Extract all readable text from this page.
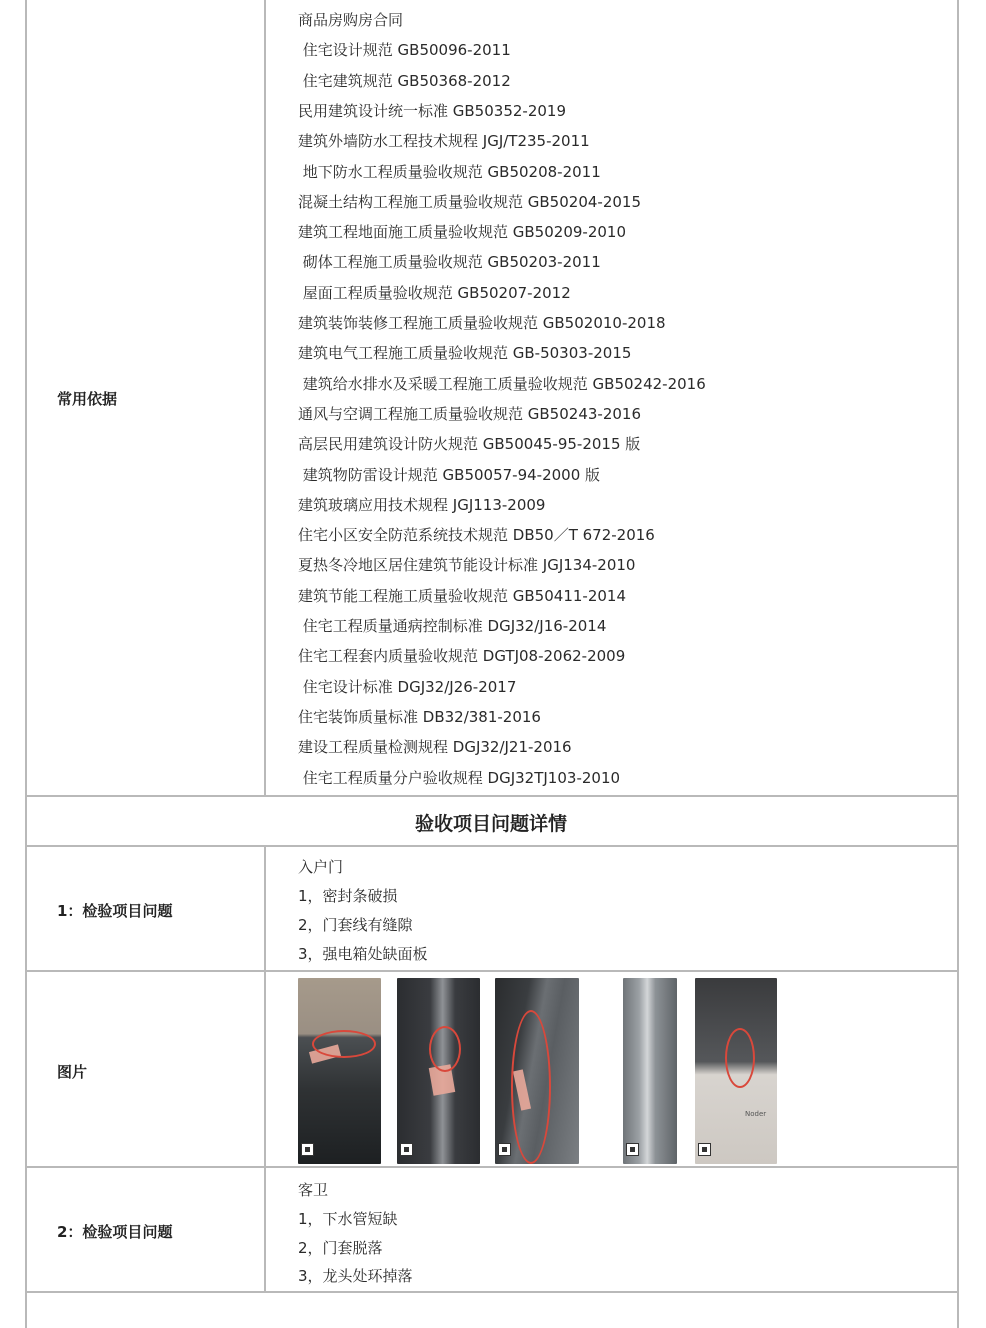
常用依据
商品房购房合同
住宅设计规范 GB50096-2011
住宅建筑规范 GB50368-2012
民用建筑设计统一标准 GB50352-2019
建筑外墙防水工程技术规程 JGJ/T235-2011
地下防水工程质量验收规范 GB50208-2011
混凝土结构工程施工质量验收规范 GB50204-2015
建筑工程地面施工质量验收规范 GB50209-2010
砌体工程施工质量验收规范 GB50203-2011
屋面工程质量验收规范 GB50207-2012
建筑装饰装修工程施工质量验收规范 GB502010-2018
建筑电气工程施工质量验收规范 GB-50303-2015
建筑给水排水及采暖工程施工质量验收规范 GB50242-2016
通风与空调工程施工质量验收规范 GB50243-2016
高层民用建筑设计防火规范 GB50045-95-2015 版
建筑物防雷设计规范 GB50057-94-2000 版
建筑玻璃应用技术规程 JGJ113-2009
住宅小区安全防范系统技术规范 DB50／T 672-2016
夏热冬冷地区居住建筑节能设计标准 JGJ134-2010
建筑节能工程施工质量验收规范 GB50411-2014
住宅工程质量通病控制标准 DGJ32/J16-2014
住宅工程套内质量验收规范 DGTJ08-2062-2009
住宅设计标准 DGJ32/J26-2017
住宅装饰质量标准 DB32/381-2016
建设工程质量检测规程 DGJ32/J21-2016
住宅工程质量分户验收规程 DGJ32TJ103-2010
验收项目问题详情
1：检验项目问题
入户门
1，密封条破损
2，门套线有缝隙
3，强电箱处缺面板
图片
Noder
2：检验项目问题
客卫
1，下水管短缺
2，门套脱落
3，龙头处环掉落
